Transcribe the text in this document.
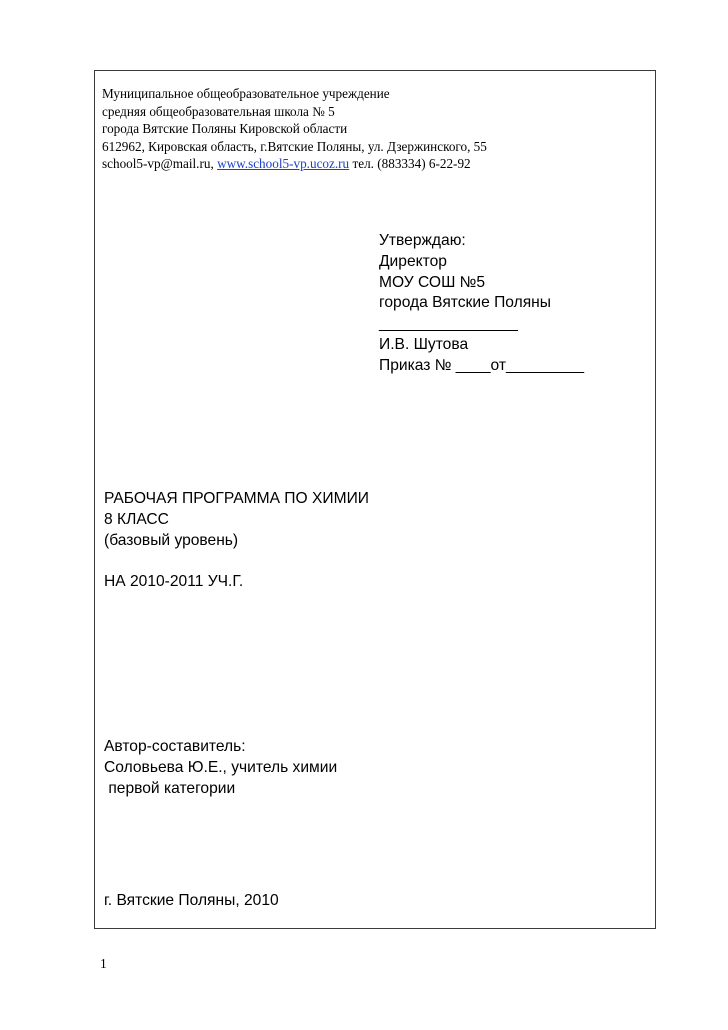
Муниципальное общеобразовательное учреждение
средняя общеобразовательная школа № 5
города Вятские Поляны Кировской области
612962, Кировская область, г.Вятские Поляны, ул. Дзержинского, 55
school5-vp@mail.ru, www.school5-vp.ucoz.ru тел. (883334) 6-22-92
Утверждаю:
Директор
МОУ СОШ №5
города Вятские Поляны
________________
И.В. Шутова
Приказ № ____от_________
РАБОЧАЯ ПРОГРАММА ПО ХИМИИ
8 КЛАСС
(базовый уровень)
НА 2010-2011 УЧ.Г.
Автор-составитель:
Соловьева Ю.Е., учитель химии
первой категории
г. Вятские Поляны, 2010
1
